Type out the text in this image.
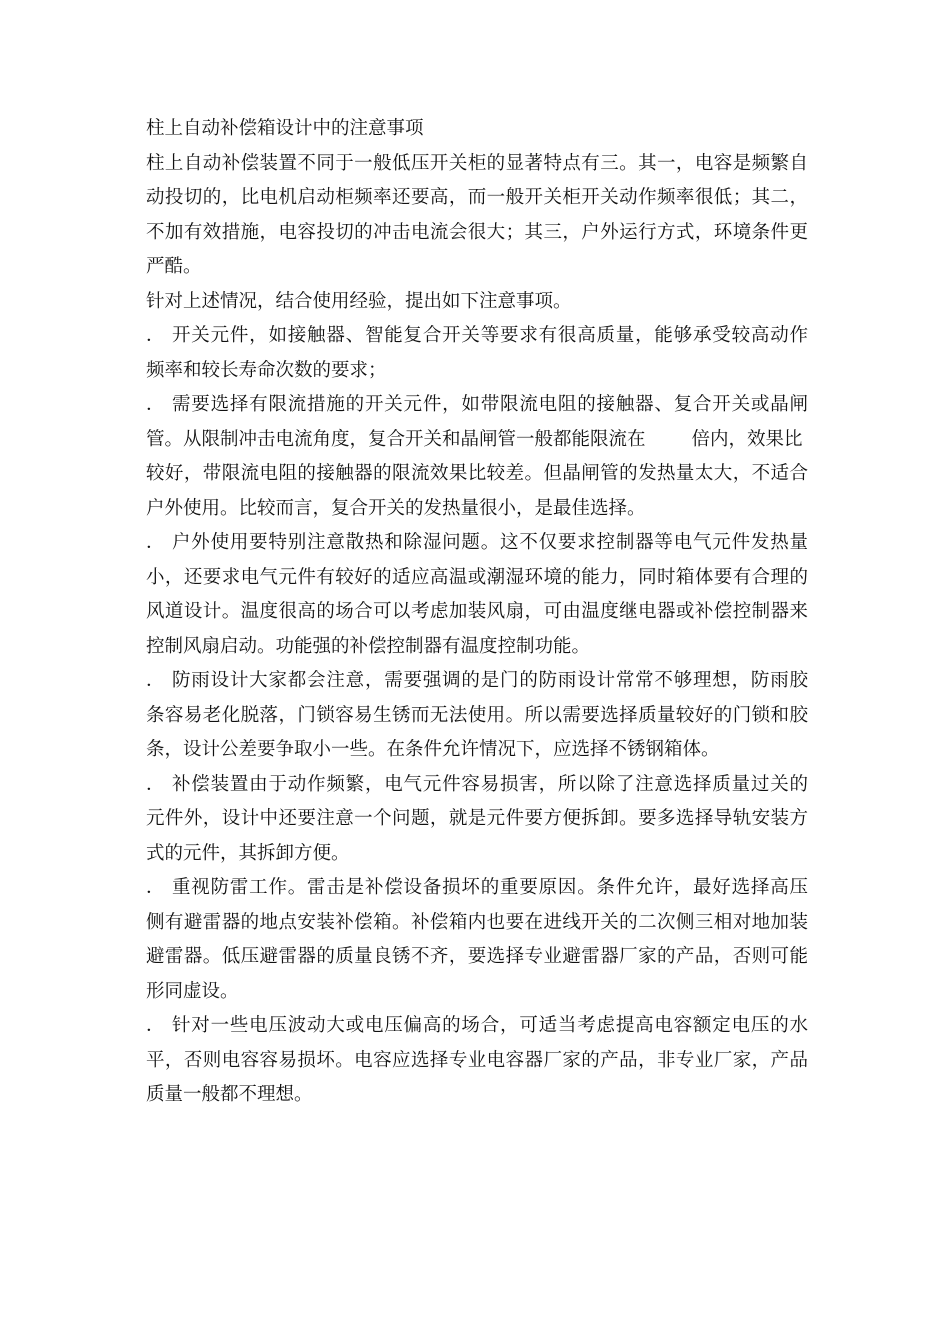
柱上自动补偿箱设计中的注意事项
柱上自动补偿装置不同于一般低压开关柜的显著特点有三。其一，电容是频繁自
动投切的，比电机启动柜频率还要高，而一般开关柜开关动作频率很低；其二，
不加有效措施，电容投切的冲击电流会很大；其三，户外运行方式，环境条件更
严酷。
针对上述情况，结合使用经验，提出如下注意事项。
． 开关元件，如接触器、智能复合开关等要求有很高质量，能够承受较高动作
频率和较长寿命次数的要求；
． 需要选择有限流措施的开关元件，如带限流电阻的接触器、复合开关或晶闸
管。从限制冲击电流角度，复合开关和晶闸管一般都能限流在 倍内，效果比
较好，带限流电阻的接触器的限流效果比较差。但晶闸管的发热量太大，不适合
户外使用。比较而言，复合开关的发热量很小，是最佳选择。
． 户外使用要特别注意散热和除湿问题。这不仅要求控制器等电气元件发热量
小，还要求电气元件有较好的适应高温或潮湿环境的能力，同时箱体要有合理的
风道设计。温度很高的场合可以考虑加装风扇，可由温度继电器或补偿控制器来
控制风扇启动。功能强的补偿控制器有温度控制功能。
． 防雨设计大家都会注意，需要强调的是门的防雨设计常常不够理想，防雨胶
条容易老化脱落，门锁容易生锈而无法使用。所以需要选择质量较好的门锁和胶
条，设计公差要争取小一些。在条件允许情况下，应选择不锈钢箱体。
． 补偿装置由于动作频繁，电气元件容易损害，所以除了注意选择质量过关的
元件外，设计中还要注意一个问题，就是元件要方便拆卸。要多选择导轨安装方
式的元件，其拆卸方便。
． 重视防雷工作。雷击是补偿设备损坏的重要原因。条件允许，最好选择高压
侧有避雷器的地点安装补偿箱。补偿箱内也要在进线开关的二次侧三相对地加装
避雷器。低压避雷器的质量良锈不齐，要选择专业避雷器厂家的产品，否则可能
形同虚设。
． 针对一些电压波动大或电压偏高的场合，可适当考虑提高电容额定电压的水
平，否则电容容易损坏。电容应选择专业电容器厂家的产品，非专业厂家，产品
质量一般都不理想。
